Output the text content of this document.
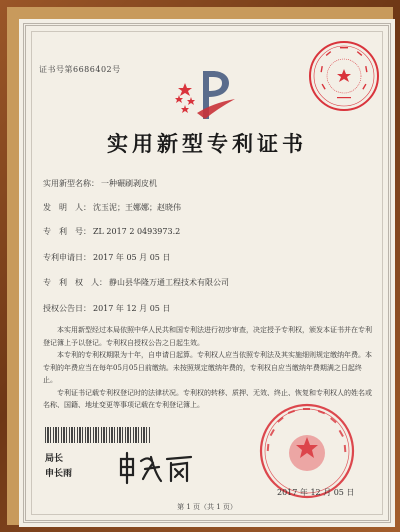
证书号第6686402号
实用新型专利证书
实用新型名称： 一种碾刷剥皮机
发　明　人： 沈玉泥；王娜娜；赵晓伟
专　利　号： ZL 2017 2 0493973.2
专利申请日： 2017 年 05 月 05 日
专　利　权　人： 静山县华隆万通工程技术有限公司
授权公告日： 2017 年 12 月 05 日

本实用新型经过本局依照中华人民共和国专利法进行初步审查，决定授予专利权，颁发本证书并在专利登记簿上予以登记。专利权自授权公告之日起生效。

本专利的专利权期限为十年，自申请日起算。专利权人应当依照专利法及其实施细则规定缴纳年费。本专利的年费应当在每年05月05日前缴纳。未按照规定缴纳年费的，专利权自应当缴纳年费期满之日起终止。

专利证书记载专利权登记时的法律状况。专利权的转移、质押、无效、终止、恢复和专利权人的姓名或名称、国籍、地址变更等事项记载在专利登记簿上。

局长
申长雨
2017 年 12 月 05 日
第 1 页（共 1 页）
